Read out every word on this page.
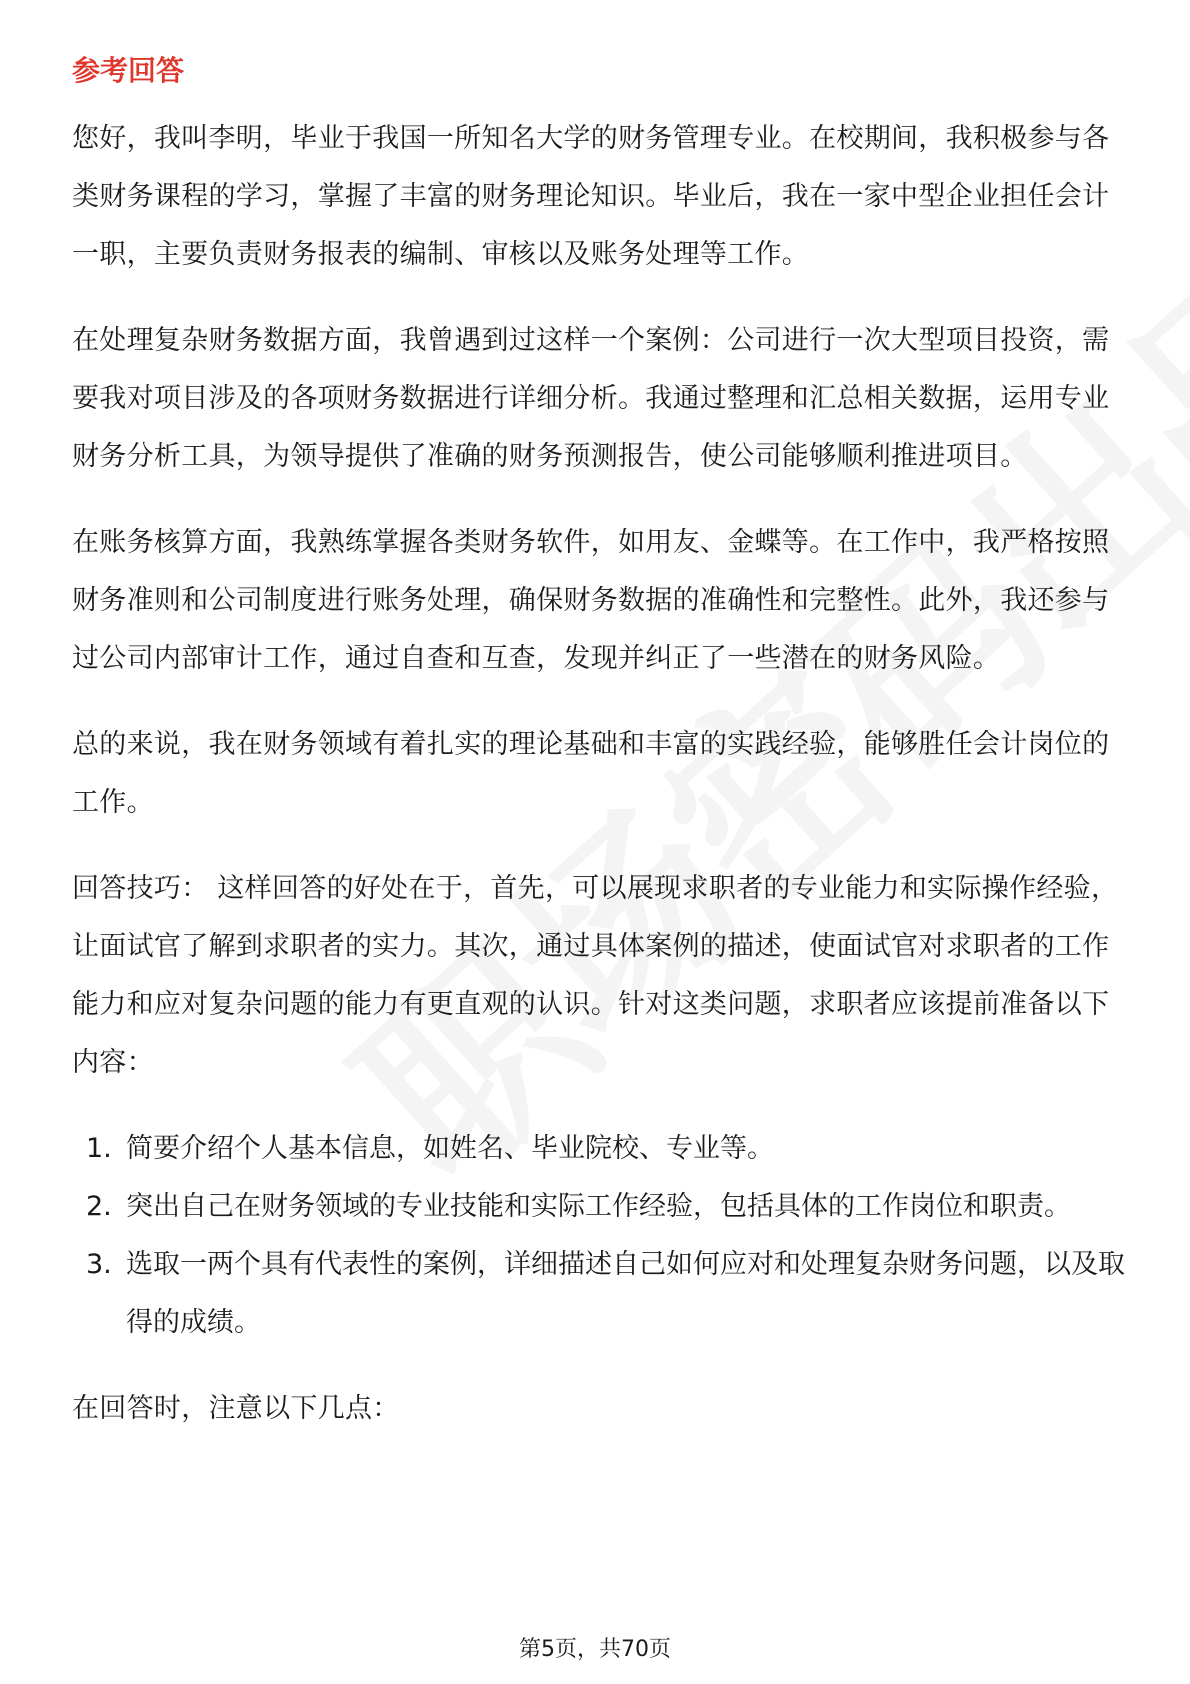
参考回答

您好，我叫李明，毕业于我国一所知名大学的财务管理专业。在校期间，我积极参与各类财务课程的学习，掌握了丰富的财务理论知识。毕业后，我在一家中型企业担任会计一职，主要负责财务报表的编制、审核以及账务处理等工作。

在处理复杂财务数据方面，我曾遇到过这样一个案例：公司进行一次大型项目投资，需要我对项目涉及的各项财务数据进行详细分析。我通过整理和汇总相关数据，运用专业财务分析工具，为领导提供了准确的财务预测报告，使公司能够顺利推进项目。

在账务核算方面，我熟练掌握各类财务软件，如用友、金蝶等。在工作中，我严格按照财务准则和公司制度进行账务处理，确保财务数据的准确性和完整性。此外，我还参与过公司内部审计工作，通过自查和互查，发现并纠正了一些潜在的财务风险。

总的来说，我在财务领域有着扎实的理论基础和丰富的实践经验，能够胜任会计岗位的工作。

回答技巧： 这样回答的好处在于，首先，可以展现求职者的专业能力和实际操作经验，让面试官了解到求职者的实力。其次，通过具体案例的描述，使面试官对求职者的工作能力和应对复杂问题的能力有更直观的认识。针对这类问题，求职者应该提前准备以下内容：

1. 简要介绍个人基本信息，如姓名、毕业院校、专业等。
2. 突出自己在财务领域的专业技能和实际工作经验，包括具体的工作岗位和职责。
3. 选取一两个具有代表性的案例，详细描述自己如何应对和处理复杂财务问题，以及取得的成绩。

在回答时，注意以下几点：

第5页，共70页
